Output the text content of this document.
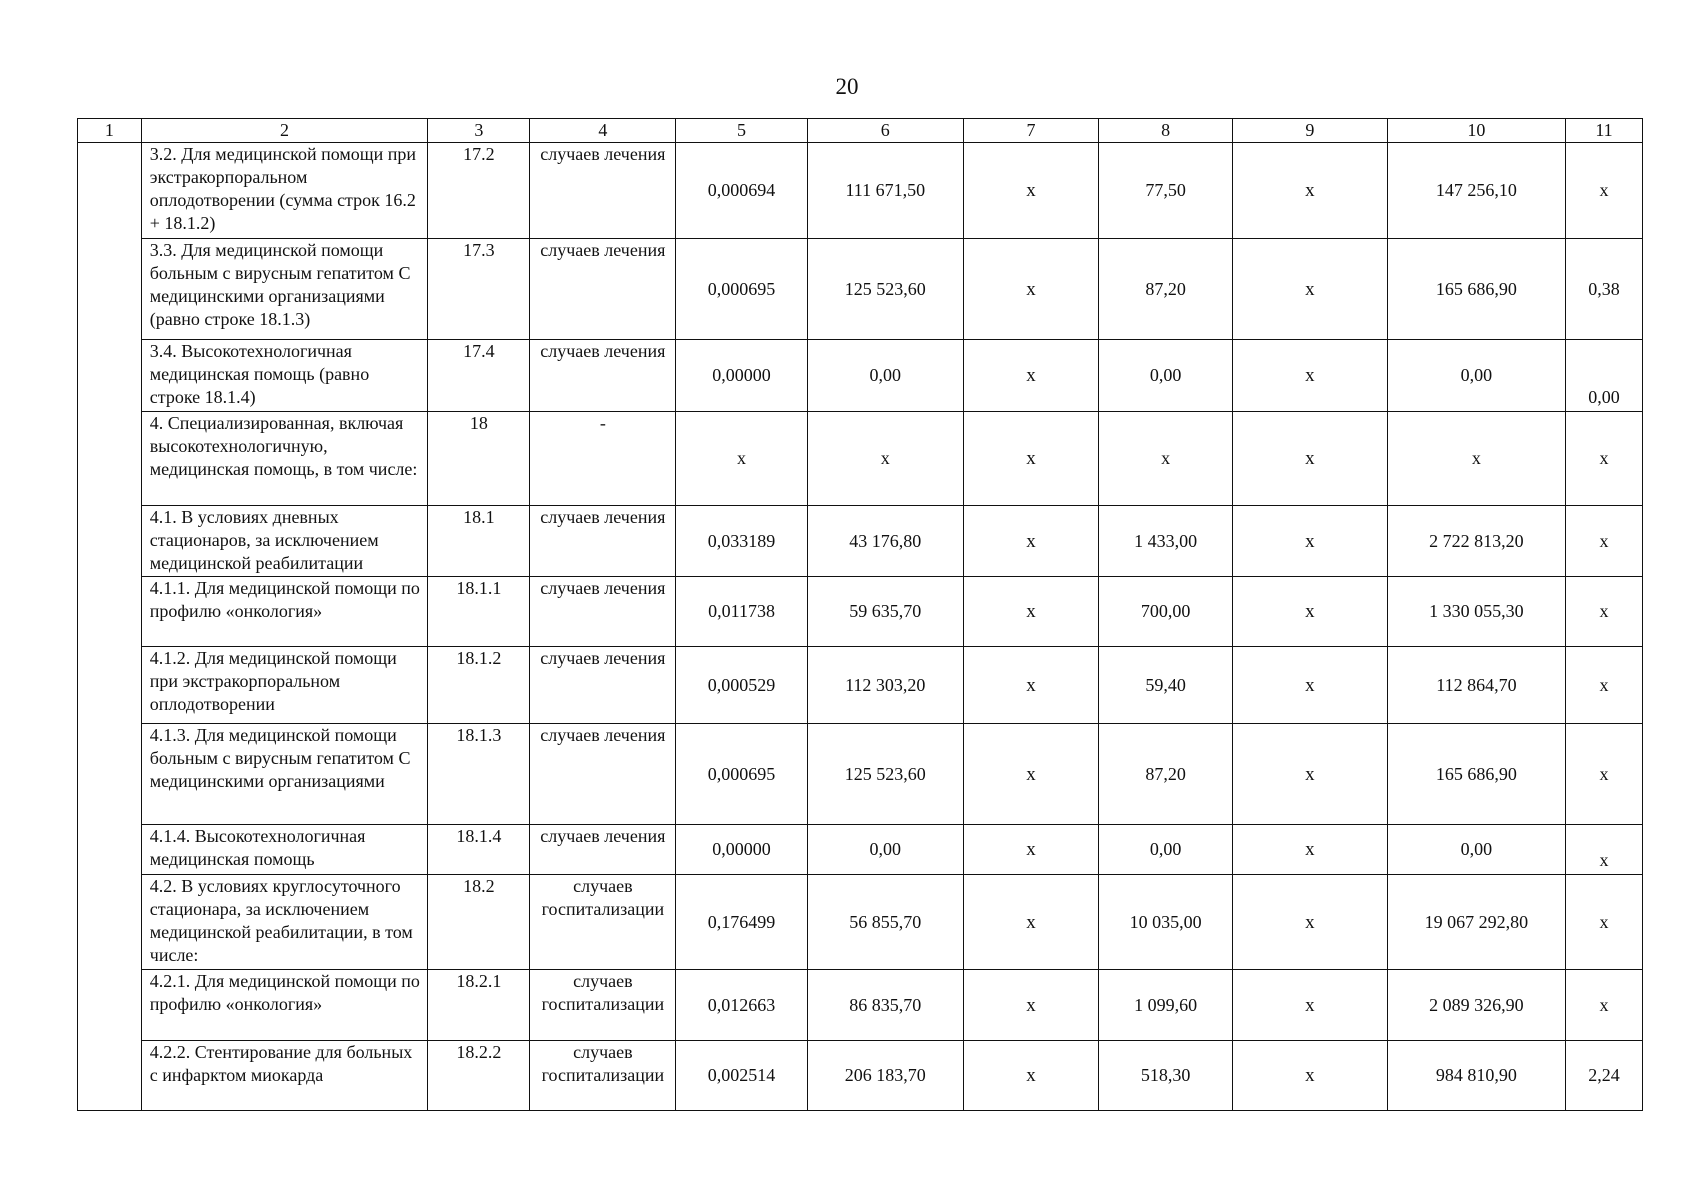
20
1	2	3	4	5	6	7	8	9	10	11
	3.2. Для медицинской помощи при экстракорпоральном оплодотворении (сумма строк 16.2 + 18.1.2)	17.2	случаев лечения	0,000694	111 671,50	х	77,50	х	147 256,10	х
	3.3. Для медицинской помощи больным с вирусным гепатитом С медицинскими организациями (равно строке 18.1.3)	17.3	случаев лечения	0,000695	125 523,60	х	87,20	х	165 686,90	0,38
	3.4. Высокотехнологичная медицинская помощь (равно строке 18.1.4)	17.4	случаев лечения	0,00000	0,00	х	0,00	х	0,00	0,00
	4. Специализированная, включая высокотехнологичную, медицинская помощь, в том числе:	18	-	х	х	х	х	х	х	х
	4.1. В условиях дневных стационаров, за исключением медицинской реабилитации	18.1	случаев лечения	0,033189	43 176,80	х	1 433,00	х	2 722 813,20	х
	4.1.1. Для медицинской помощи по профилю «онкология»	18.1.1	случаев лечения	0,011738	59 635,70	х	700,00	х	1 330 055,30	х
	4.1.2. Для медицинской помощи при экстракорпоральном оплодотворении	18.1.2	случаев лечения	0,000529	112 303,20	х	59,40	х	112 864,70	х
	4.1.3. Для медицинской помощи больным с вирусным гепатитом С медицинскими организациями	18.1.3	случаев лечения	0,000695	125 523,60	х	87,20	х	165 686,90	х
	4.1.4. Высокотехнологичная медицинская помощь	18.1.4	случаев лечения	0,00000	0,00	х	0,00	х	0,00	х
	4.2. В условиях круглосуточного стационара, за исключением медицинской реабилитации, в том числе:	18.2	случаев госпитализации	0,176499	56 855,70	х	10 035,00	х	19 067 292,80	х
	4.2.1. Для медицинской помощи по профилю «онкология»	18.2.1	случаев госпитализации	0,012663	86 835,70	х	1 099,60	х	2 089 326,90	х
	4.2.2. Стентирование для больных с инфарктом миокарда	18.2.2	случаев госпитализации	0,002514	206 183,70	х	518,30	х	984 810,90	2,24
